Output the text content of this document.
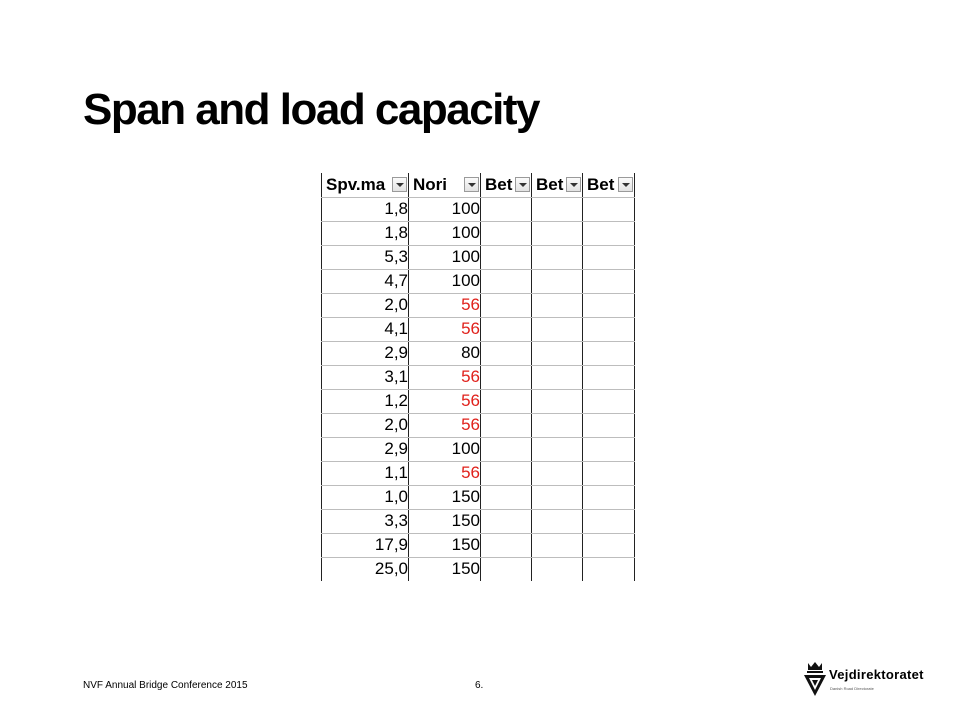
Span and load capacity
Spv.ma	Nori	Bet	Bet	Bet

1,8	100			
1,8	100			
5,3	100			
4,7	100			
2,0	56			
4,1	56			
2,9	80			
3,1	56			
1,2	56			
2,0	56			
2,9	100			
1,1	56			
1,0	150			
3,3	150			
17,9	150			
25,0	150			
NVF Annual Bridge Conference 2015	6.
Vejdirektoratet
Danish Road Directorate
